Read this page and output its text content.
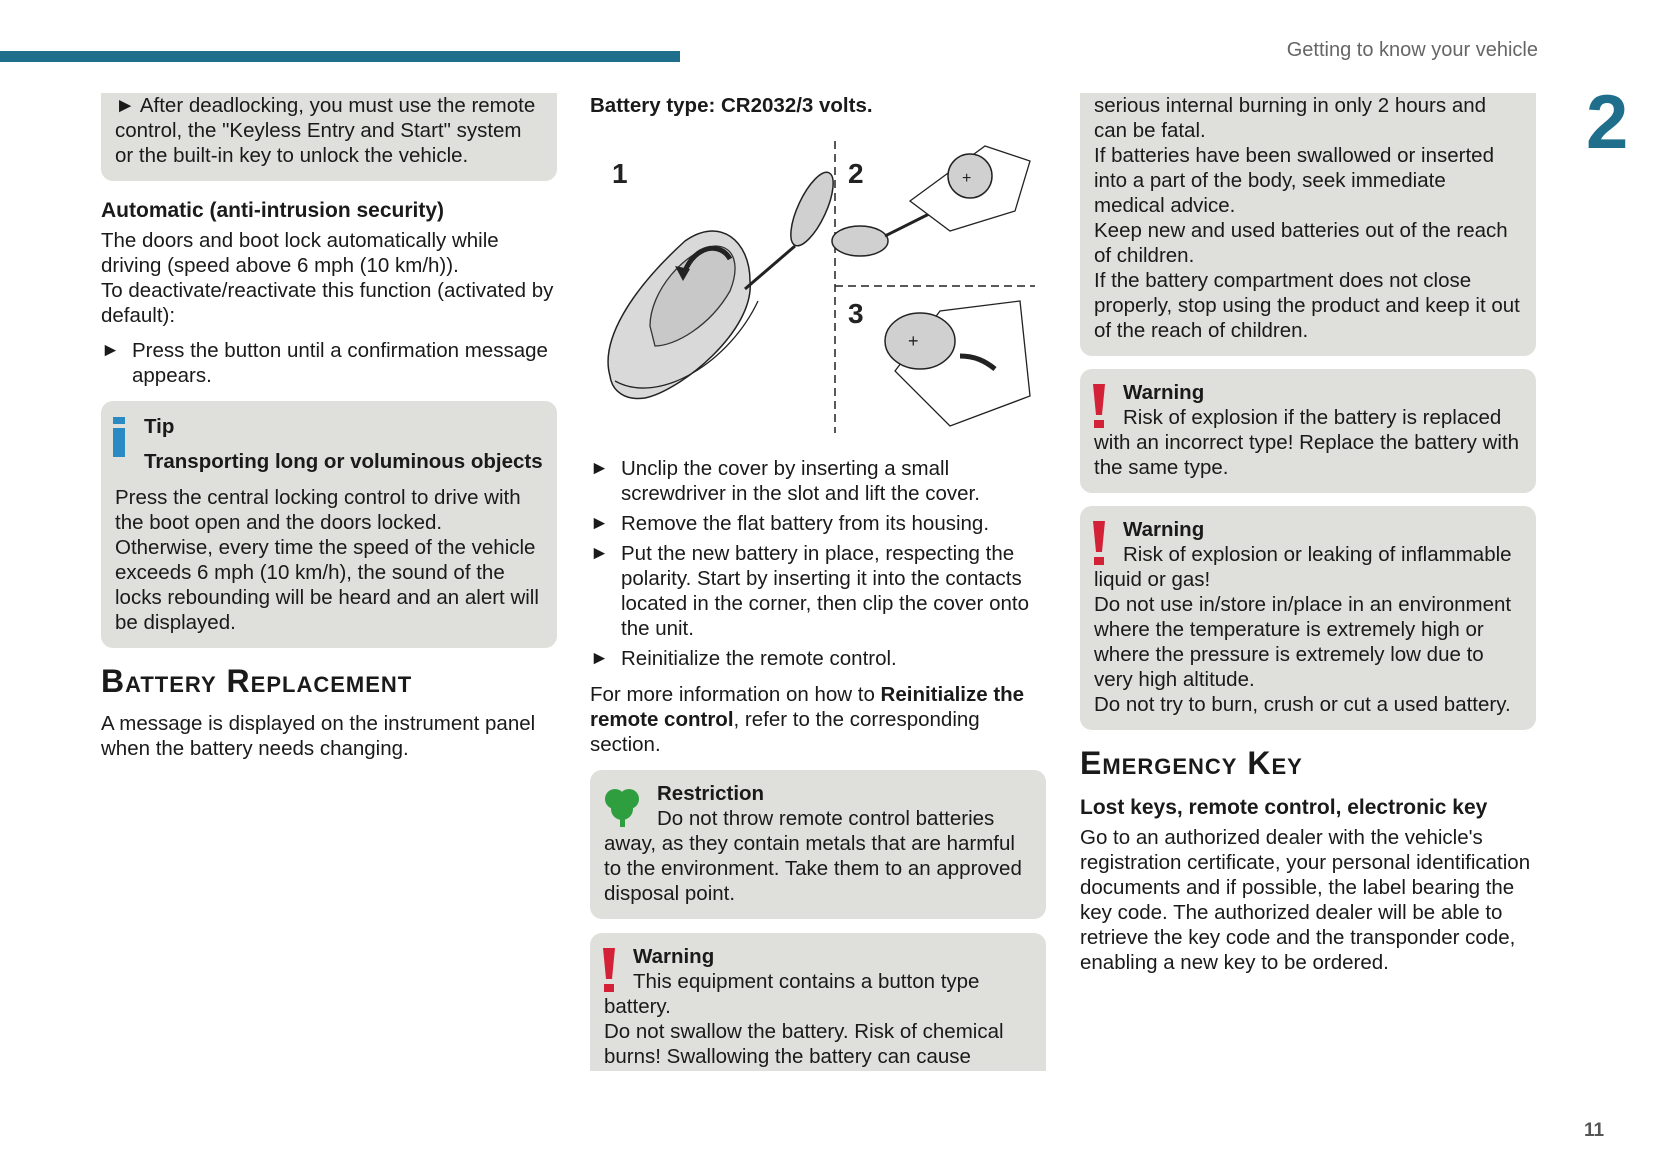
Getting to know your vehicle
2
11

► After deadlocking, you must use the remote control, the "Keyless Entry and Start" system or the built-in key to unlock the vehicle.

Automatic (anti-intrusion security)

The doors and boot lock automatically while driving (speed above 6 mph (10 km/h)).

To deactivate/reactivate this function (activated by default):

► Press the button until a confirmation message appears.

Tip

Transporting long or voluminous objects

Press the central locking control to drive with the boot open and the doors locked. Otherwise, every time the speed of the vehicle exceeds 6 mph (10 km/h), the sound of the locks rebounding will be heard and an alert will be displayed.

Battery Replacement

A message is displayed on the instrument panel when the battery needs changing.

Battery type: CR2032/3 volts.

1	+
2
+
3
► Unclip the cover by inserting a small screwdriver in the slot and lift the cover.
► Remove the flat battery from its housing.
► Put the new battery in place, respecting the polarity. Start by inserting it into the contacts located in the corner, then clip the cover onto the unit.
► Reinitialize the remote control.

For more information on how to Reinitialize the remote control, refer to the corresponding section.

Restriction

Do not throw remote control batteries

away, as they contain metals that are harmful to the environment. Take them to an approved disposal point.

Warning

This equipment contains a button type

battery.

Do not swallow the battery. Risk of chemical burns! Swallowing the battery can cause

serious internal burning in only 2 hours and can be fatal.

If batteries have been swallowed or inserted into a part of the body, seek immediate medical advice.

Keep new and used batteries out of the reach of children.

If the battery compartment does not close properly, stop using the product and keep it out of the reach of children.

Warning

Risk of explosion if the battery is replaced

with an incorrect type! Replace the battery with the same type.

Warning

Risk of explosion or leaking of inflammable

liquid or gas!

Do not use in/store in/place in an environment where the temperature is extremely high or where the pressure is extremely low due to very high altitude.

Do not try to burn, crush or cut a used battery.

Emergency Key
Lost keys, remote control, electronic key

Go to an authorized dealer with the vehicle's registration certificate, your personal identification documents and if possible, the label bearing the key code. The authorized dealer will be able to retrieve the key code and the transponder code, enabling a new key to be ordered.
